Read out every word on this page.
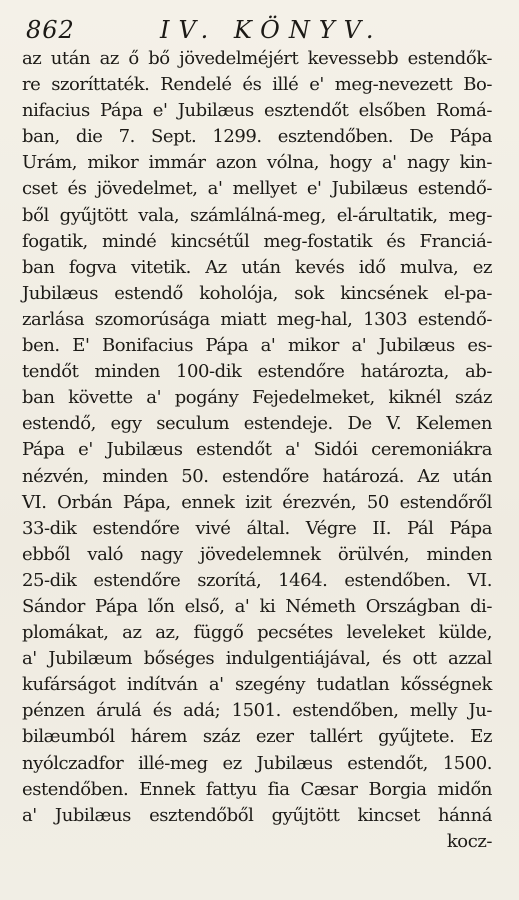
862	IV. KÖNYV.
az után az ő bő jövedelméjért kevessebb estendők-
re szoríttaték. Rendelé és illé e' meg-nevezett Bo-
nifacius Pápa e' Jubilæus esztendőt elsőben Romá-
ban, die 7. Sept. 1299. esztendőben. De Pápa
Urám, mikor immár azon vólna, hogy a' nagy kin-
cset és jövedelmet, a' mellyet e' Jubilæus estendő-
ből gyűjtött vala, számlálná-meg, el-árultatik, meg-
fogatik, mindé kincsétűl meg-fostatik és Franciá-
ban fogva vitetik. Az után kevés idő mulva, ez
Jubilæus estendő koholója, sok kincsének el-pa-
zarlása szomorúsága miatt meg-hal, 1303 estendő-
ben. E' Bonifacius Pápa a' mikor a' Jubilæus es-
tendőt minden 100-dik estendőre határozta, ab-
ban követte a' pogány Fejedelmeket, kiknél száz
estendő, egy seculum estendeje. De V. Kelemen
Pápa e' Jubilæus estendőt a' Sidói ceremoniákra
nézvén, minden 50. estendőre határozá. Az után
VI. Orbán Pápa, ennek izit érezvén, 50 estendőről
33-dik estendőre vivé által. Végre II. Pál Pápa
ebből való nagy jövedelemnek örülvén, minden
25-dik estendőre szorítá, 1464. estendőben. VI.
Sándor Pápa lőn első, a' ki Németh Országban di-
plomákat, az az, függő pecsétes leveleket külde,
a' Jubilæum bőséges indulgentiájával, és ott azzal
kufárságot indítván a' szegény tudatlan kősségnek
pénzen árulá és adá; 1501. estendőben, melly Ju-
bilæumból hárem száz ezer tallért gyűjtete. Ez
nyólczadfor illé-meg ez Jubilæus estendőt, 1500.
estendőben. Ennek fattyu fia Cæsar Borgia midőn
a' Jubilæus esztendőből gyűjtött kincset hánná
kocz-
